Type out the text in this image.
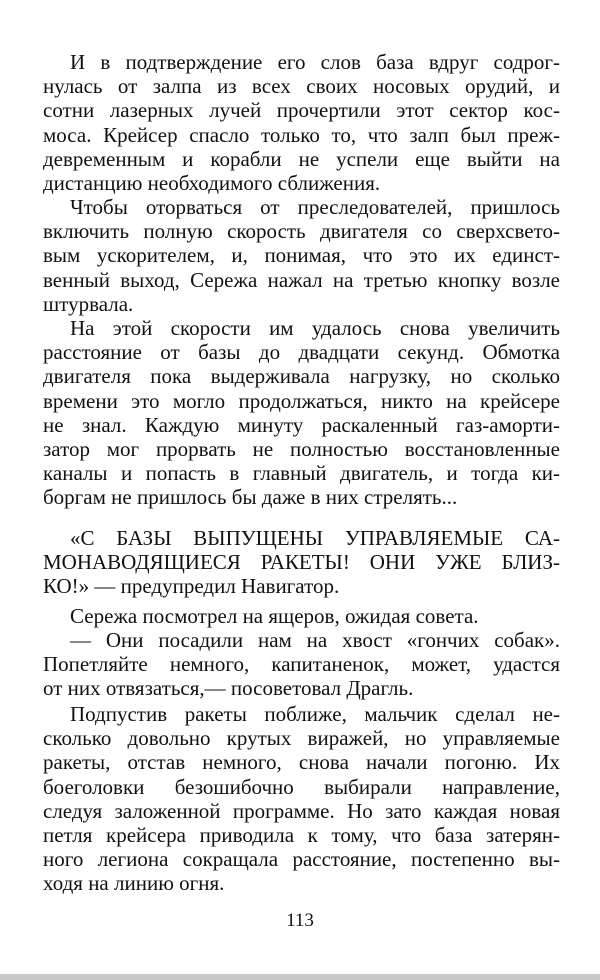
И в подтверждение его слов база вдруг содрог-
нулась от залпа из всех своих носовых орудий, и
сотни лазерных лучей прочертили этот сектор кос-
моса. Крейсер спасло только то, что залп был преж-
девременным и корабли не успели еще выйти на
дистанцию необходимого сближения.
Чтобы оторваться от преследователей, пришлось
включить полную скорость двигателя со сверхсвето-
вым ускорителем, и, понимая, что это их единст-
венный выход, Сережа нажал на третью кнопку возле
штурвала.
На этой скорости им удалось снова увеличить
расстояние от базы до двадцати секунд. Обмотка
двигателя пока выдерживала нагрузку, но сколько
времени это могло продолжаться, никто на крейсере
не знал. Каждую минуту раскаленный газ-аморти-
затор мог прорвать не полностью восстановленные
каналы и попасть в главный двигатель, и тогда ки-
боргам не пришлось бы даже в них стрелять...
«С БАЗЫ ВЫПУЩЕНЫ УПРАВЛЯЕМЫЕ СА-
МОНАВОДЯЩИЕСЯ РАКЕТЫ! ОНИ УЖЕ БЛИЗ-
КО!» — предупредил Навигатор.
Сережа посмотрел на ящеров, ожидая совета.
— Они посадили нам на хвост «гончих собак».
Попетляйте немного, капитаненок, может, удастся
от них отвязаться,— посоветовал Драгль.
Подпустив ракеты поближе, мальчик сделал не-
сколько довольно крутых виражей, но управляемые
ракеты, отстав немного, снова начали погоню. Их
боеголовки безошибочно выбирали направление,
следуя заложенной программе. Но зато каждая новая
петля крейсера приводила к тому, что база затерян-
ного легиона сокращала расстояние, постепенно вы-
ходя на линию огня.
113
